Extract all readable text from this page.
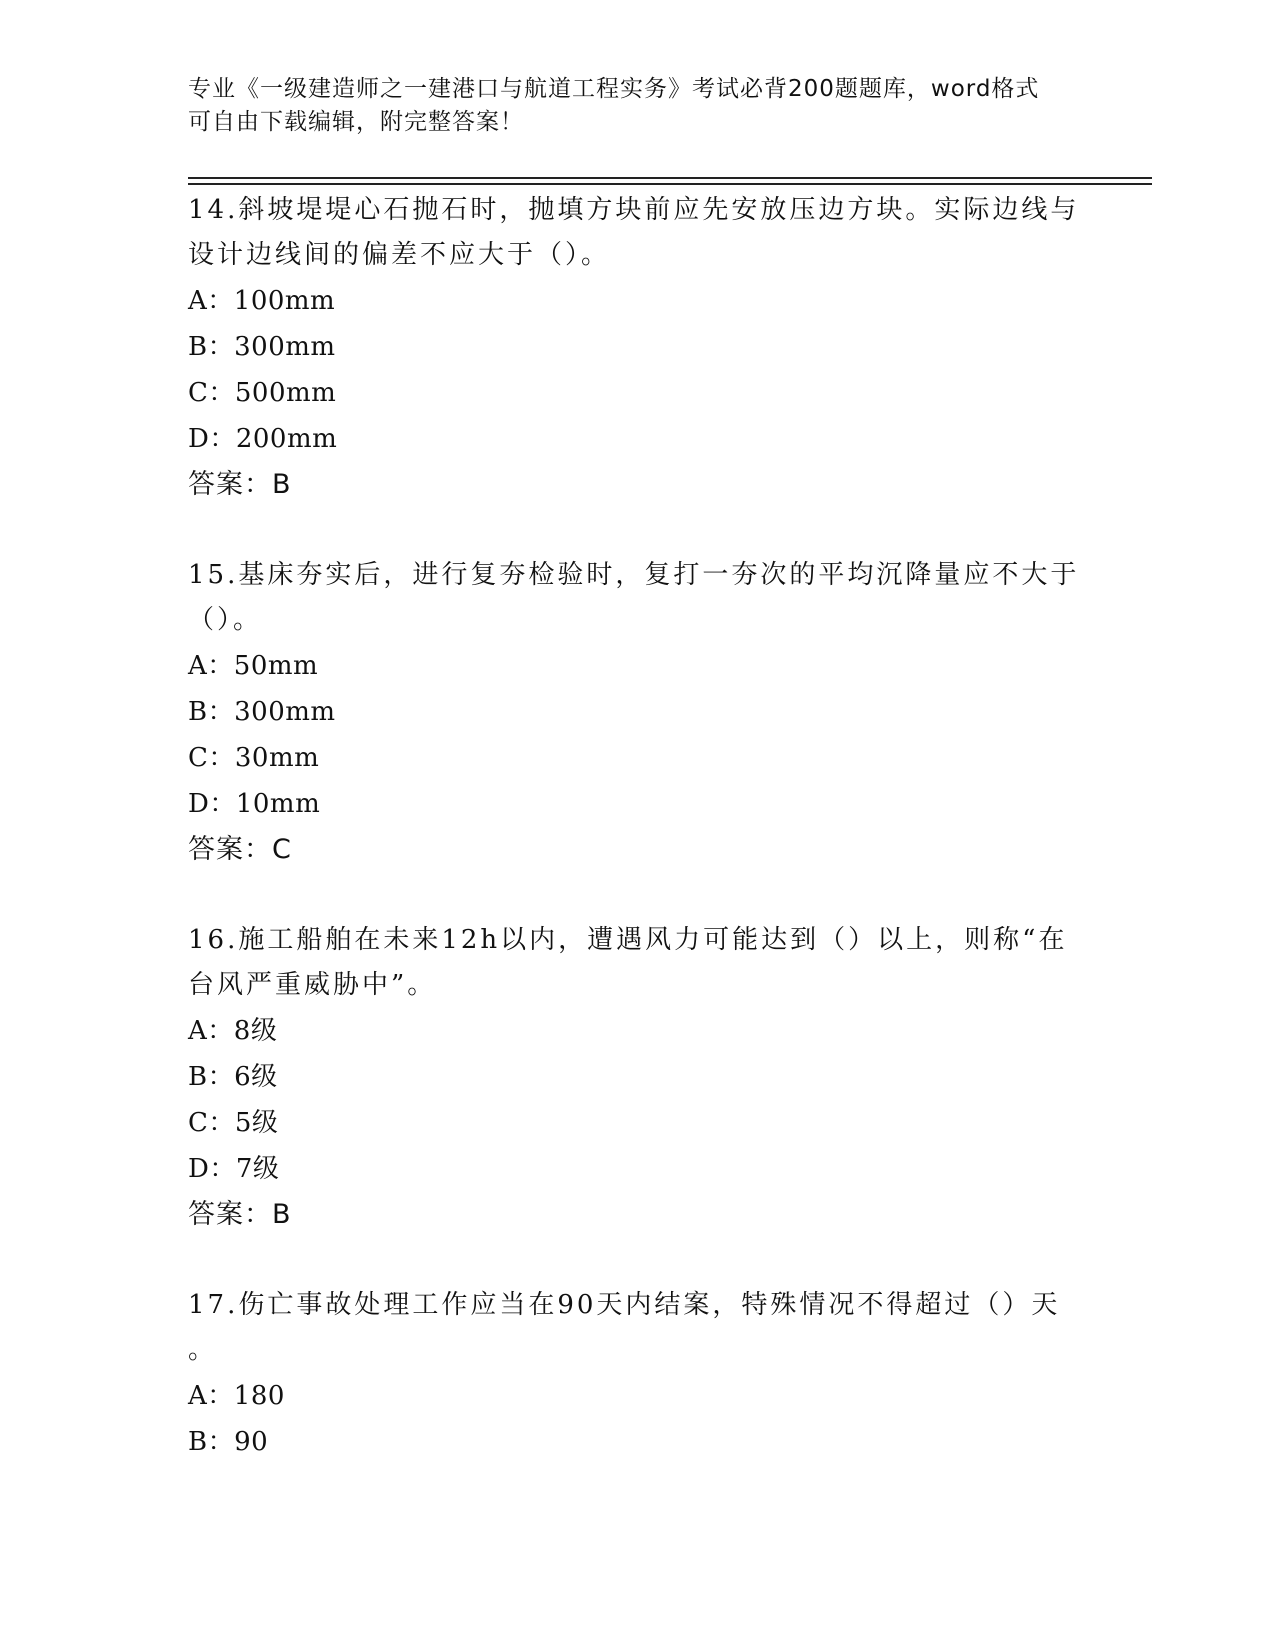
专业《一级建造师之一建港口与航道工程实务》考试必背200题题库，word格式
可自由下载编辑，附完整答案！

14.斜坡堤堤心石抛石时，抛填方块前应先安放压边方块。实际边线与

设计边线间的偏差不应大于（）。

A：100mm

B：300mm

C：500mm

D：200mm

答案：B

15.基床夯实后，进行复夯检验时，复打一夯次的平均沉降量应不大于

（）。

A：50mm

B：300mm

C：30mm

D：10mm

答案：C

16.施工船舶在未来12h以内，遭遇风力可能达到（）以上，则称“在

台风严重威胁中”。

A：8级

B：6级

C：5级

D：7级

答案：B

17.伤亡事故处理工作应当在90天内结案，特殊情况不得超过（）天

。

A：180

B：90
